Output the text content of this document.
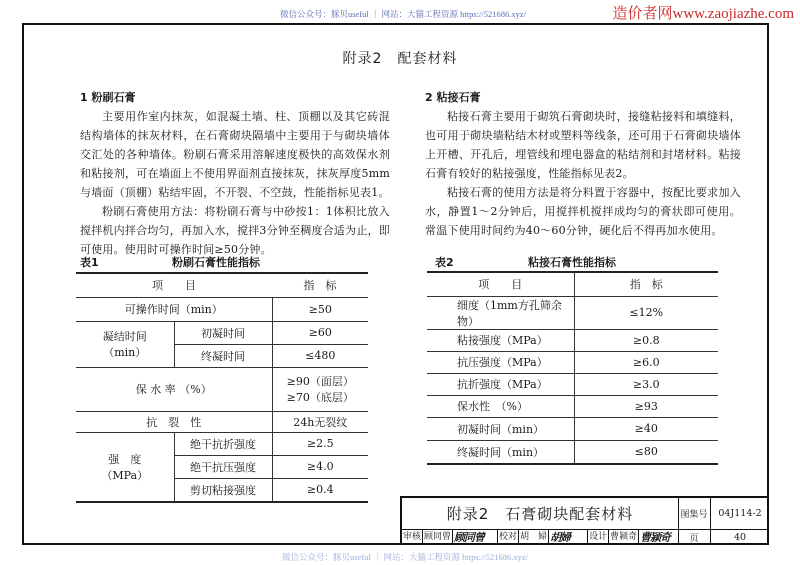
微信公众号：豚贝useful ｜ 网站：大猫工程资源 https://521686.xyz/	造价者网www.zaojiazhe.com
附录2　配套材料

1 粉刷石膏

主要用作室内抹灰，如混凝土墙、柱、顶棚以及其它砖混结构墙体的抹灰材料，在石膏砌块隔墙中主要用于与砌块墙体交汇处的各种墙体。粉刷石膏采用溶解速度极快的高效保水剂和粘接剂，可在墙面上不使用界面剂直接抹灰，抹灰厚度5mm与墙面（顶棚）粘结牢固，不开裂、不空鼓，性能指标见表1。

粉刷石膏使用方法：将粉刷石膏与中砂按1：1体积比放入搅拌机内拌合均匀，再加入水，搅拌3分钟至稠度合适为止，即可使用。使用时可操作时间≥50分钟。

2 粘接石膏

粘接石膏主要用于砌筑石膏砌块时，接缝粘接料和填缝料，也可用于砌块墙粘结木材或塑料等线条，还可用于石膏砌块墙体上开槽、开孔后，埋管线和埋电器盒的粘结剂和封堵材料。粘接石膏有较好的粘接强度，性能指标见表2。

粘接石膏的使用方法是将分料置于容器中，按配比要求加入水，静置1～2分钟后，用搅拌机搅拌成均匀的膏状即可使用。常温下使用时间约为40～60分钟，硬化后不得再加水使用。

表1	粉刷石膏性能指标
项　　目		指　标
可操作时间（min）		≥50

凝结时间
（min）	初凝时间	≥60
	终凝时间	≤480
保 水 率 （%）		≥90（面层）
≥70（底层）

抗　裂　性		24h无裂纹

强　度
（MPa）	绝干抗折强度	≥2.5
	绝干抗压强度	≥4.0
	剪切粘接强度	≥0.4
表2	粘接石膏性能指标
项　　目	指　标
细度（1mm方孔筛余物）	≤12%
粘接强度（MPa）	≥0.8
抗压强度（MPa）	≥6.0
抗折强度（MPa）	≥3.0
保水性　（%）	≥93
初凝时间（min）	≥40
终凝时间（min）	≤80
附录2　石膏砌块配套材料	图集号	04J114-2
审核 顾同曾 顾同曾	校对 胡　婦 胡婦	设计 曹颍奇 曹颍奇	页	40
微信公众号：豚贝useful ｜ 网站：大猫工程资源 https://521686.xyz/
